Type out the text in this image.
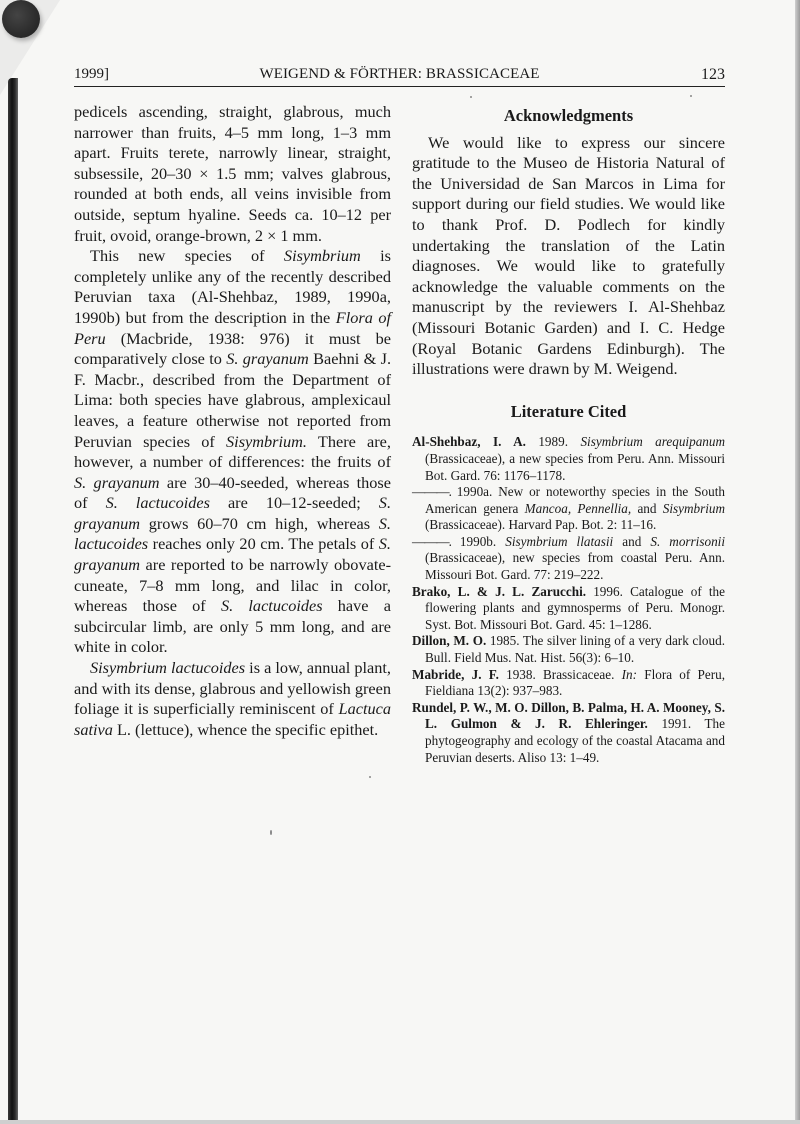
1999]	WEIGEND & FÖRTHER: BRASSICACEAE	123

pedicels ascending, straight, glabrous, much narrower than fruits, 4–5 mm long, 1–3 mm apart. Fruits terete, narrowly linear, straight, subsessile, 20–30 × 1.5 mm; valves glabrous, rounded at both ends, all veins invisible from outside, septum hyaline. Seeds ca. 10–12 per fruit, ovoid, orange-brown, 2 × 1 mm.

This new species of Sisymbrium is completely unlike any of the recently described Peruvian taxa (Al-Shehbaz, 1989, 1990a, 1990b) but from the description in the Flora of Peru (Macbride, 1938: 976) it must be comparatively close to S. grayanum Baehni & J. F. Macbr., described from the Department of Lima: both species have glabrous, amplexicaul leaves, a feature otherwise not reported from Peruvian species of Sisymbrium. There are, however, a number of differences: the fruits of S. grayanum are 30–40-seeded, whereas those of S. lactucoides are 10–12-seeded; S. grayanum grows 60–70 cm high, whereas S. lactucoides reaches only 20 cm. The petals of S. grayanum are reported to be narrowly obovate-cuneate, 7–8 mm long, and lilac in color, whereas those of S. lactucoides have a subcircular limb, are only 5 mm long, and are white in color.

Sisymbrium lactucoides is a low, annual plant, and with its dense, glabrous and yellowish green foliage it is superficially reminiscent of Lactuca sativa L. (lettuce), whence the specific epithet.

Acknowledgments

We would like to express our sincere gratitude to the Museo de Historia Natural of the Universidad de San Marcos in Lima for support during our field studies. We would like to thank Prof. D. Podlech for kindly undertaking the translation of the Latin diagnoses. We would like to gratefully acknowledge the valuable comments on the manuscript by the reviewers I. Al-Shehbaz (Missouri Botanic Garden) and I. C. Hedge (Royal Botanic Gardens Edinburgh). The illustrations were drawn by M. Weigend.

Literature Cited

Al-Shehbaz, I. A. 1989. Sisymbrium arequipanum (Brassicaceae), a new species from Peru. Ann. Missouri Bot. Gard. 76: 1176–1178.

———. 1990a. New or noteworthy species in the South American genera Mancoa, Pennellia, and Sisymbrium (Brassicaceae). Harvard Pap. Bot. 2: 11–16.

———. 1990b. Sisymbrium llatasii and S. morrisonii (Brassicaceae), new species from coastal Peru. Ann. Missouri Bot. Gard. 77: 219–222.

Brako, L. & J. L. Zarucchi. 1996. Catalogue of the flowering plants and gymnosperms of Peru. Monogr. Syst. Bot. Missouri Bot. Gard. 45: 1–1286.

Dillon, M. O. 1985. The silver lining of a very dark cloud. Bull. Field Mus. Nat. Hist. 56(3): 6–10.

Mabride, J. F. 1938. Brassicaceae. In: Flora of Peru, Fieldiana 13(2): 937–983.

Rundel, P. W., M. O. Dillon, B. Palma, H. A. Mooney, S. L. Gulmon & J. R. Ehleringer. 1991. The phytogeography and ecology of the coastal Atacama and Peruvian deserts. Aliso 13: 1–49.
